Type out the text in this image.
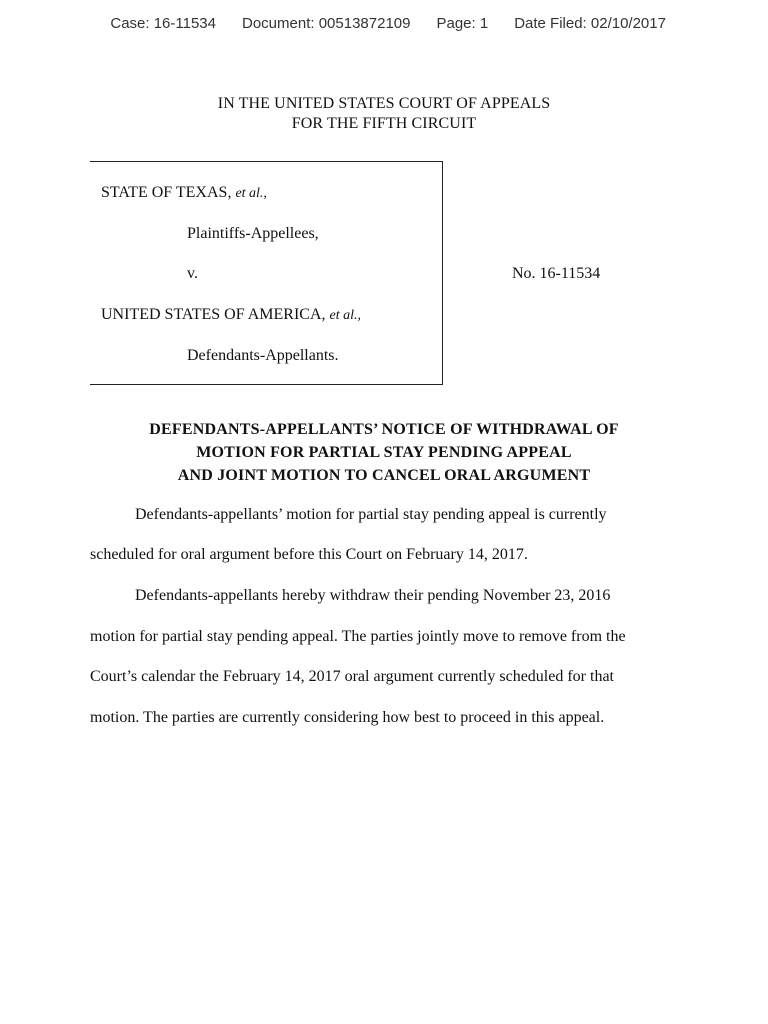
Case: 16-11534 Document: 00513872109 Page: 1 Date Filed: 02/10/2017

IN THE UNITED STATES COURT OF APPEALS
FOR THE FIFTH CIRCUIT
STATE OF TEXAS, et al.,
Plaintiffs-Appellees,
v.
UNITED STATES OF AMERICA, et al.,
Defendants-Appellants.
No. 16-11534
DEFENDANTS-APPELLANTS’ NOTICE OF WITHDRAWAL OF
MOTION FOR PARTIAL STAY PENDING APPEAL
AND JOINT MOTION TO CANCEL ORAL ARGUMENT
Defendants-appellants’ motion for partial stay pending appeal is currently
scheduled for oral argument before this Court on February 14, 2017.
Defendants-appellants hereby withdraw their pending November 23, 2016
motion for partial stay pending appeal. The parties jointly move to remove from the
Court’s calendar the February 14, 2017 oral argument currently scheduled for that
motion. The parties are currently considering how best to proceed in this appeal.
